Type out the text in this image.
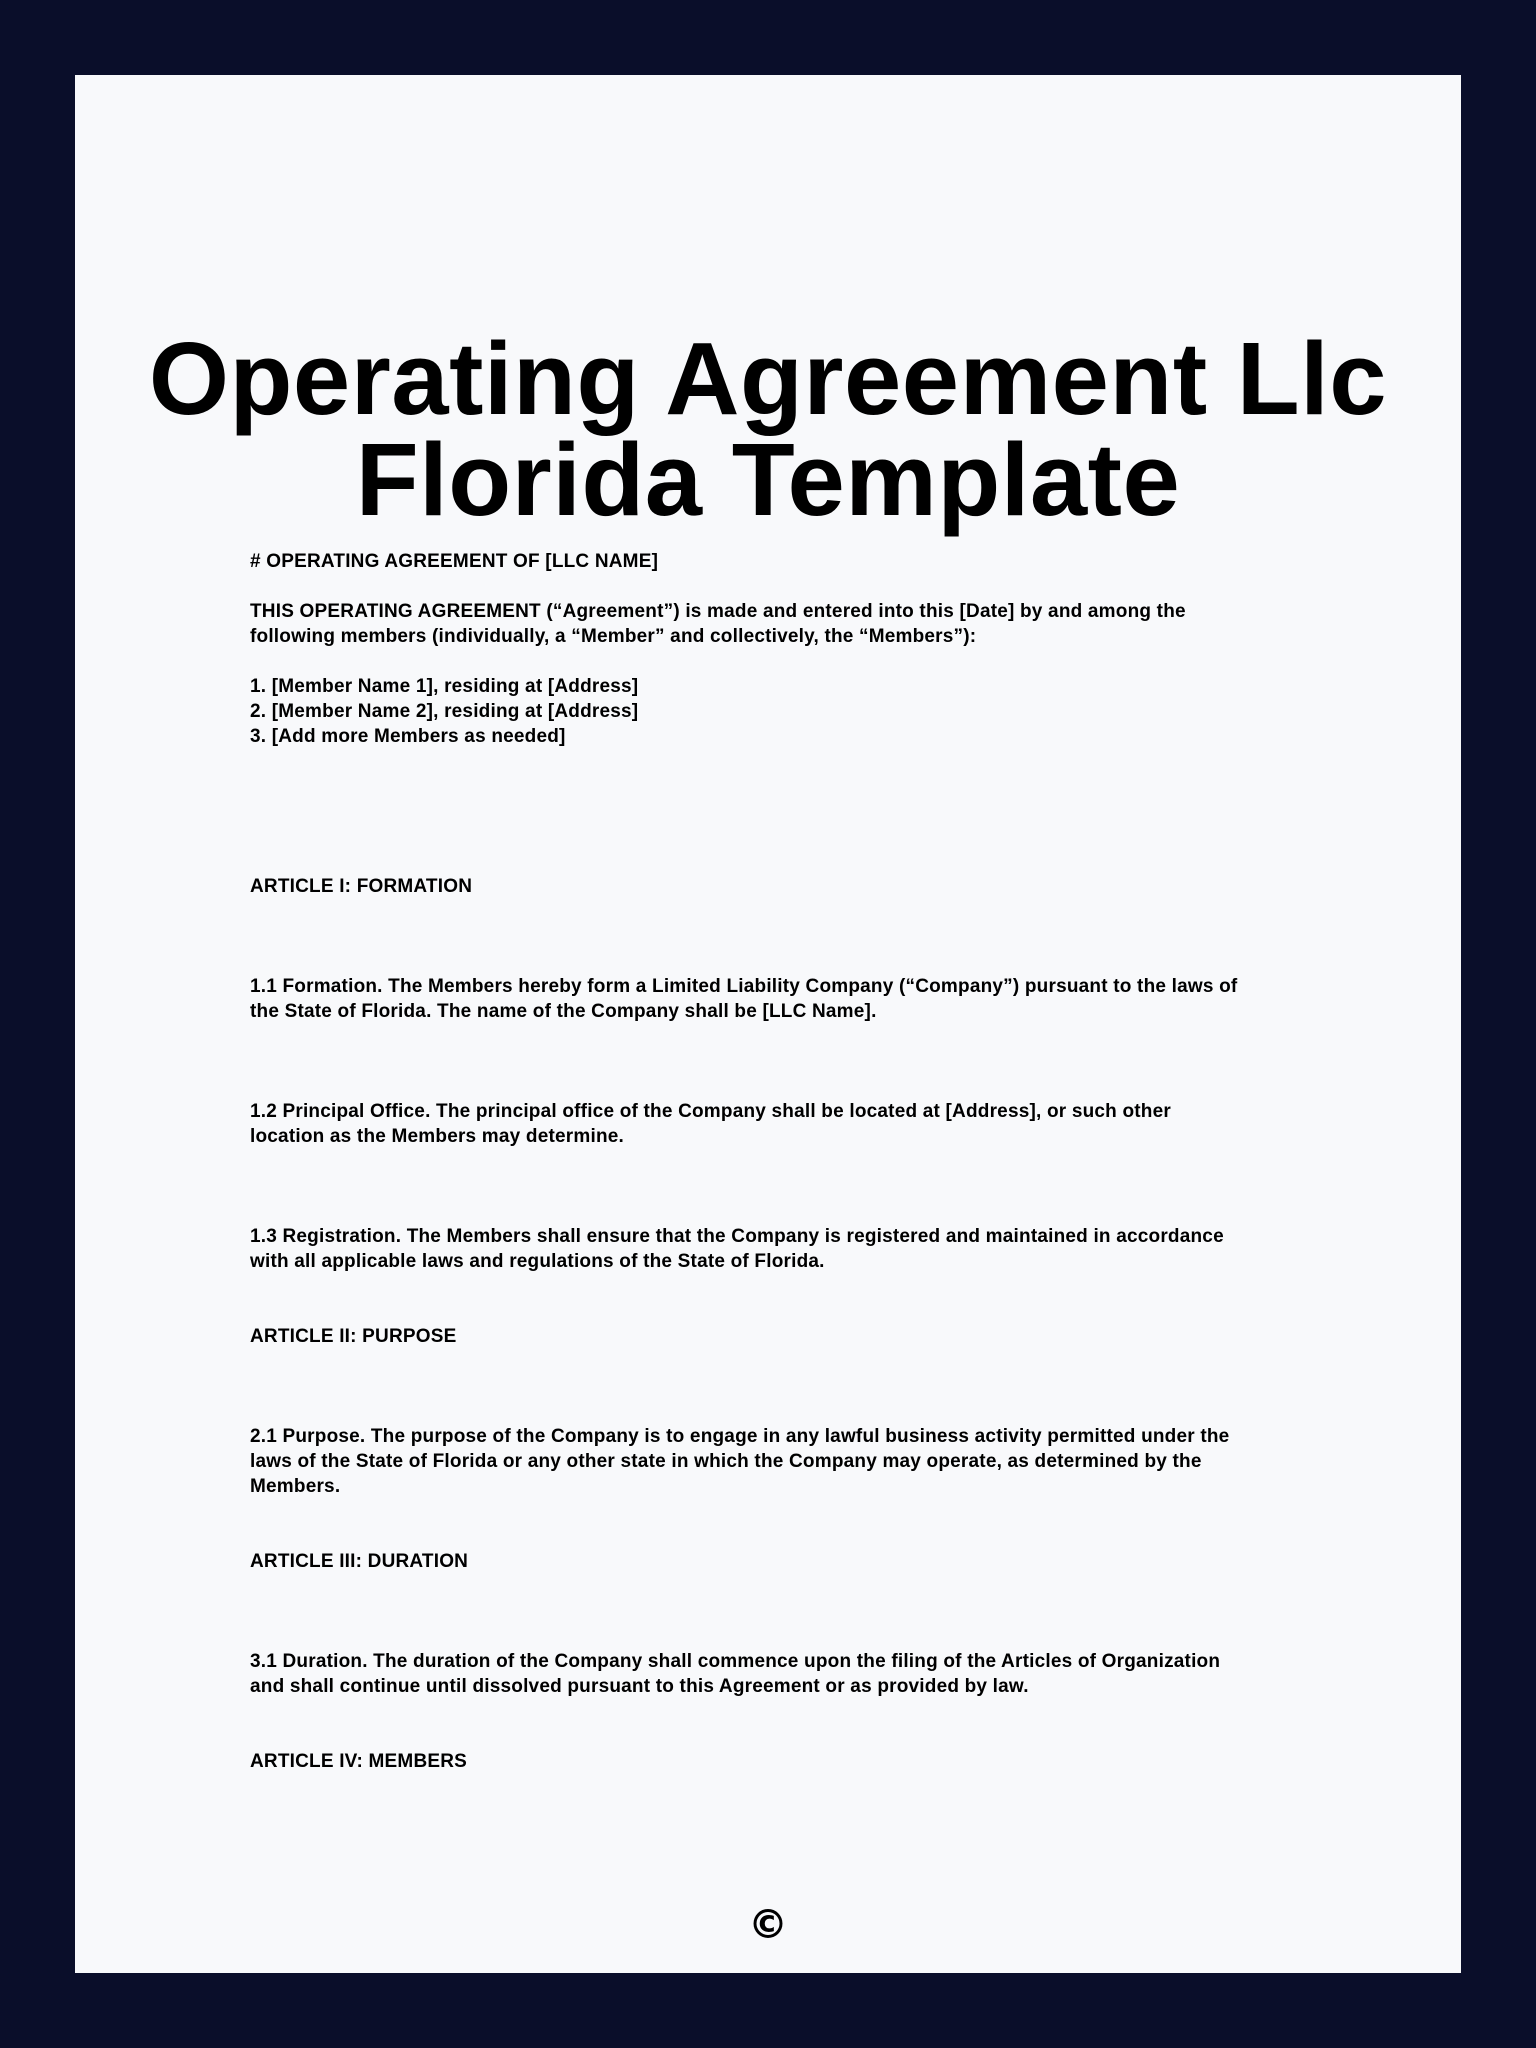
Operating Agreement Llc
Florida Template

# OPERATING AGREEMENT OF [LLC NAME]

THIS OPERATING AGREEMENT (“Agreement”) is made and entered into this [Date] by and among the
following members (individually, a “Member” and collectively, the “Members”):

1. [Member Name 1], residing at [Address]
2. [Member Name 2], residing at [Address]
3. [Add more Members as needed]

ARTICLE I: FORMATION

1.1 Formation. The Members hereby form a Limited Liability Company (“Company”) pursuant to the laws of
the State of Florida. The name of the Company shall be [LLC Name].

1.2 Principal Office. The principal office of the Company shall be located at [Address], or such other
location as the Members may determine.

1.3 Registration. The Members shall ensure that the Company is registered and maintained in accordance
with all applicable laws and regulations of the State of Florida.

ARTICLE II: PURPOSE

2.1 Purpose. The purpose of the Company is to engage in any lawful business activity permitted under the
laws of the State of Florida or any other state in which the Company may operate, as determined by the
Members.

ARTICLE III: DURATION

3.1 Duration. The duration of the Company shall commence upon the filing of the Articles of Organization
and shall continue until dissolved pursuant to this Agreement or as provided by law.

ARTICLE IV: MEMBERS

©
